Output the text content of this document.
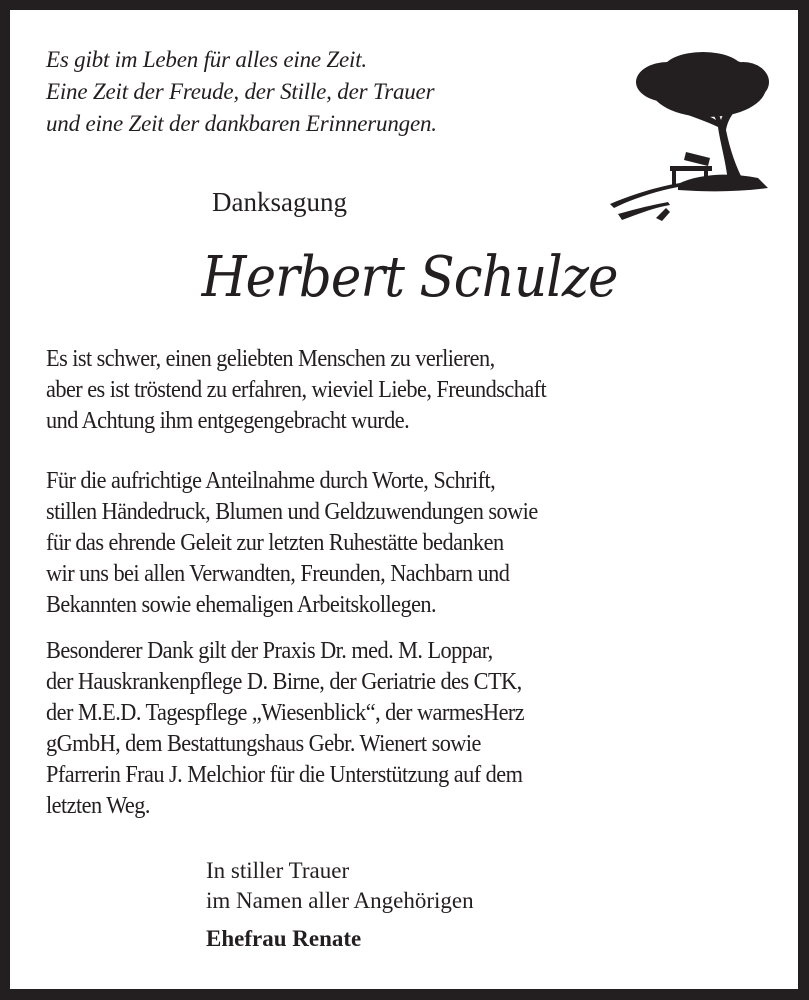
Es gibt im Leben für alles eine Zeit.
Eine Zeit der Freude, der Stille, der Trauer
und eine Zeit der dankbaren Erinnerungen.
Danksagung
Herbert Schulze
Es ist schwer, einen geliebten Menschen zu verlieren,
aber es ist tröstend zu erfahren, wieviel Liebe, Freundschaft
und Achtung ihm entgegengebracht wurde.
Für die aufrichtige Anteilnahme durch Worte, Schrift,
stillen Händedruck, Blumen und Geldzuwendungen sowie
für das ehrende Geleit zur letzten Ruhestätte bedanken
wir uns bei allen Verwandten, Freunden, Nachbarn und
Bekannten sowie ehemaligen Arbeitskollegen.
Besonderer Dank gilt der Praxis Dr. med. M. Loppar,
der Hauskrankenpflege D. Birne, der Geriatrie des CTK,
der M.E.D. Tagespflege „Wiesenblick“, der warmesHerz
gGmbH, dem Bestattungshaus Gebr. Wienert sowie
Pfarrerin Frau J. Melchior für die Unterstützung auf dem
letzten Weg.
In stiller Trauer
im Namen aller Angehörigen
Ehefrau Renate
